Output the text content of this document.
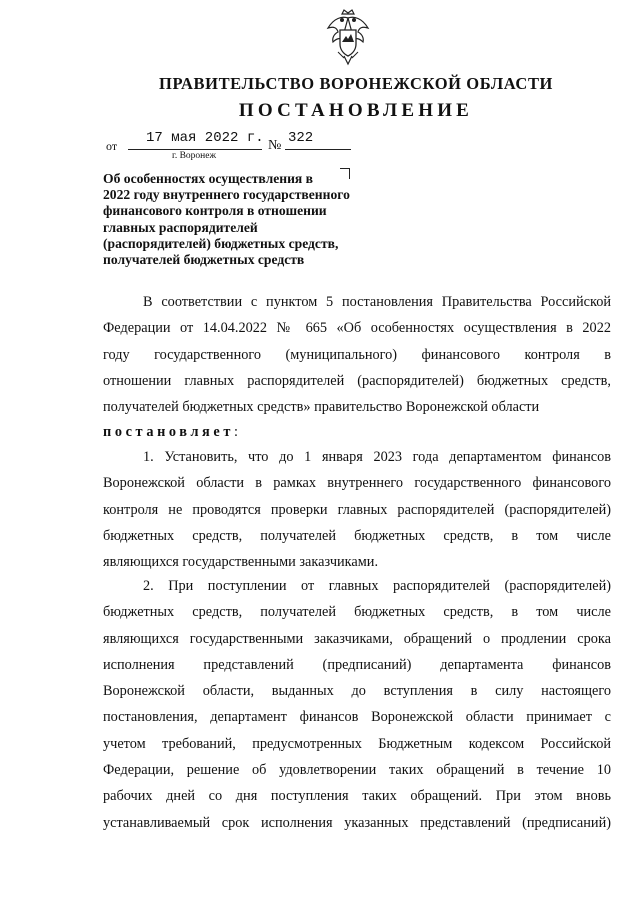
ПРАВИТЕЛЬСТВО ВОРОНЕЖСКОЙ ОБЛАСТИ
ПОСТАНОВЛЕНИЕ
от 17 мая 2022 г. № 322
г. Воронеж
Об особенностях осуществления в
2022 году внутреннего государственного
финансового контроля в отношении
главных распорядителей
(распорядителей) бюджетных средств,
получателей бюджетных средств
В соответствии с пунктом 5 постановления Правительства Российской
Федерации от 14.04.2022 № 665 «Об особенностях осуществления в 2022
году государственного (муниципального) финансового контроля в
отношении главных распорядителей (распорядителей) бюджетных средств,
получателей бюджетных средств» правительство Воронежской области
постановляет:
1. Установить, что до 1 января 2023 года департаментом финансов
Воронежской области в рамках внутреннего государственного финансового
контроля не проводятся проверки главных распорядителей (распорядителей)
бюджетных средств, получателей бюджетных средств, в том числе
являющихся государственными заказчиками.
2. При поступлении от главных распорядителей (распорядителей)
бюджетных средств, получателей бюджетных средств, в том числе
являющихся государственными заказчиками, обращений о продлении срока
исполнения представлений (предписаний) департамента финансов
Воронежской области, выданных до вступления в силу настоящего
постановления, департамент финансов Воронежской области принимает с
учетом требований, предусмотренных Бюджетным кодексом Российской
Федерации, решение об удовлетворении таких обращений в течение 10
рабочих дней со дня поступления таких обращений. При этом вновь
устанавливаемый срок исполнения указанных представлений (предписаний)
